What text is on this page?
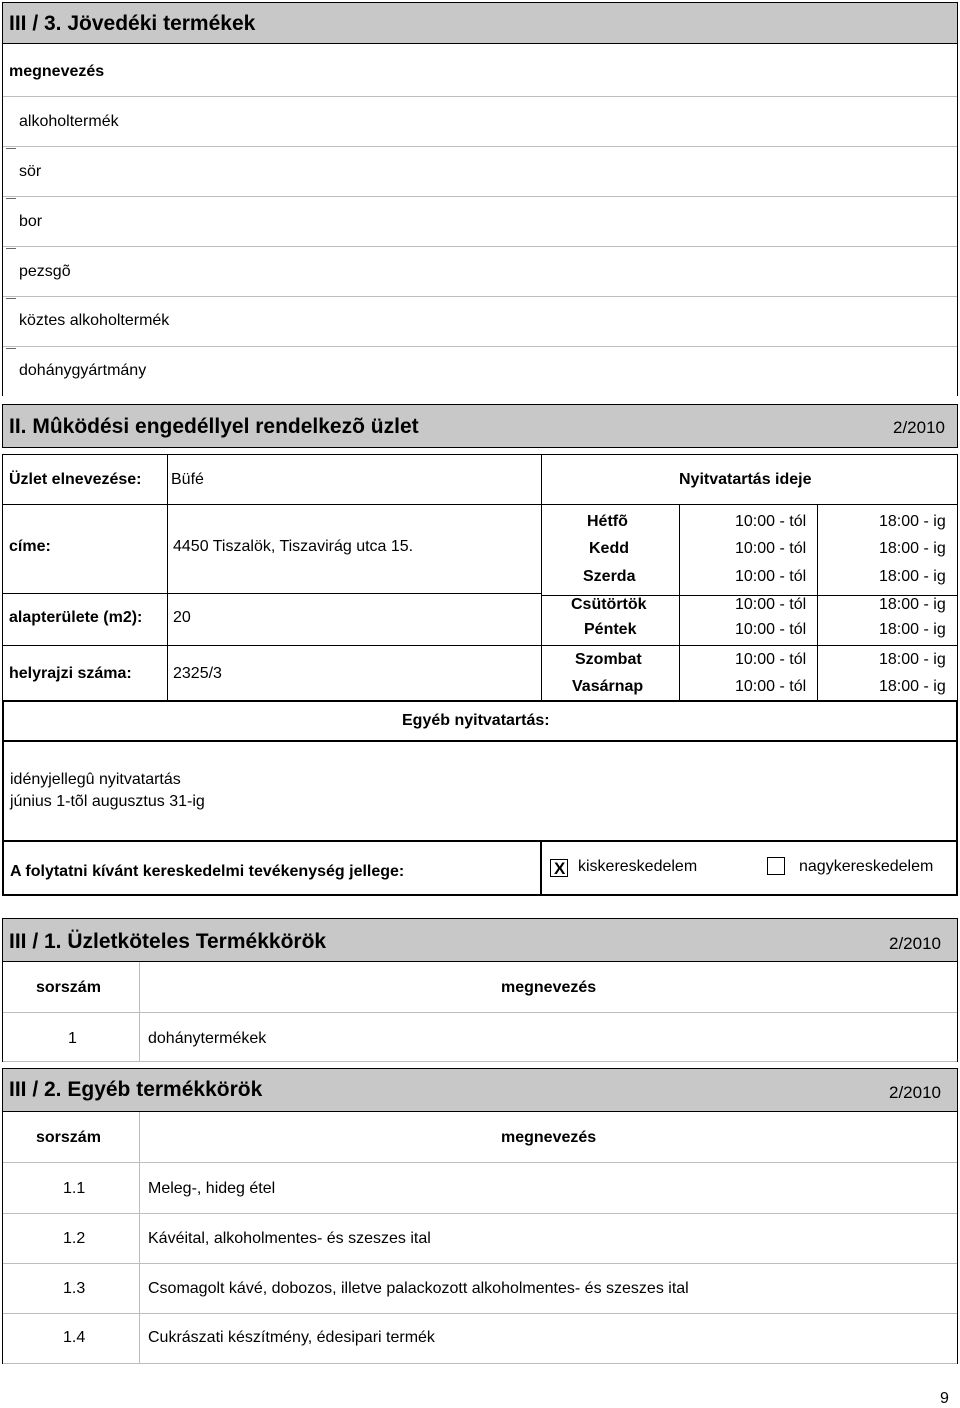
III / 3. Jövedéki termékek
megnevezés
alkoholtermék
sör
bor
pezsgõ
köztes alkoholtermék
dohánygyártmány
II. Mûködési engedéllyel rendelkezõ üzlet	2/2010
Üzlet elnevezése: Büfé	Nyitvatartás ideje
címe:	4450 Tiszalök, Tiszavirág utca 15.
alapterülete (m2): 20
helyrajzi száma:	2325/3
Hétfõ	10:00 - tól	18:00 - ig
Kedd	10:00 - tól	18:00 - ig
Szerda	10:00 - tól	18:00 - ig
Csütörtök	10:00 - tól	18:00 - ig
Péntek	10:00 - tól	18:00 - ig
Szombat	10:00 - tól	18:00 - ig
Vasárnap	10:00 - tól	18:00 - ig
Egyéb nyitvatartás:
idényjellegû nyitvatartás
június 1-tõl augusztus 31-ig
A folytatni kívánt kereskedelmi tevékenység jellege:	X kiskereskedelem	nagykereskedelem
III / 1. Üzletköteles Termékkörök	2/2010
sorszám	megnevezés
1	dohánytermékek
III / 2. Egyéb termékkörök	2/2010
sorszám	megnevezés
1.1	Meleg-, hideg étel
1.2	Kávéital, alkoholmentes- és szeszes ital
1.3	Csomagolt kávé, dobozos, illetve palackozott alkoholmentes- és szeszes ital
1.4	Cukrászati készítmény, édesipari termék
9
